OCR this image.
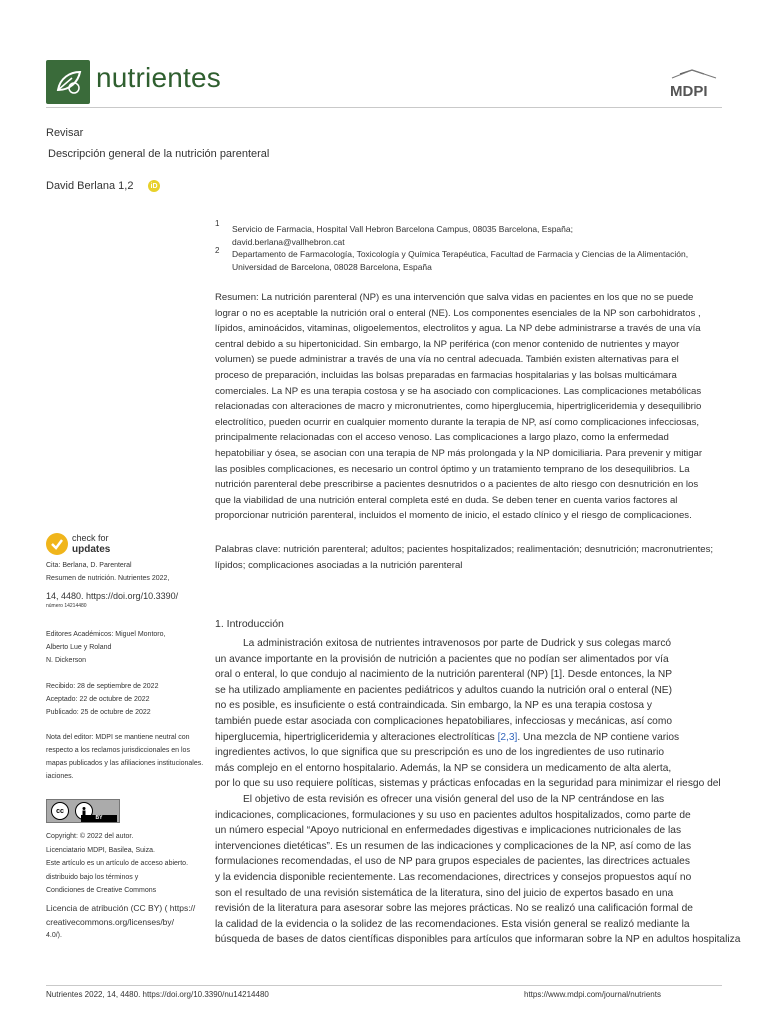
nutrientes	MDPI
Revisar
Descripción general de la nutrición parenteral
David Berlana 1,2	iD
1
Servicio de Farmacia, Hospital Vall Hebron Barcelona Campus, 08035 Barcelona, España;
david.berlana@vallhebron.cat
2 Departamento de Farmacología, Toxicología y Química Terapéutica, Facultad de Farmacia y Ciencias de la Alimentación,
Universidad de Barcelona, 08028 Barcelona, España
Resumen: La nutrición parenteral (NP) es una intervención que salva vidas en pacientes en los que no se puede
lograr o no es aceptable la nutrición oral o enteral (NE). Los componentes esenciales de la NP son carbohidratos ,
lípidos, aminoácidos, vitaminas, oligoelementos, electrolitos y agua. La NP debe administrarse a través de una vía
central debido a su hipertonicidad. Sin embargo, la NP periférica (con menor contenido de nutrientes y mayor
volumen) se puede administrar a través de una vía no central adecuada. También existen alternativas para el
proceso de preparación, incluidas las bolsas preparadas en farmacias hospitalarias y las bolsas multicámara
comerciales. La NP es una terapia costosa y se ha asociado con complicaciones. Las complicaciones metabólicas
relacionadas con alteraciones de macro y micronutrientes, como hiperglucemia, hipertrigliceridemia y desequilibrio
electrolítico, pueden ocurrir en cualquier momento durante la terapia de NP, así como complicaciones infecciosas,
principalmente relacionadas con el acceso venoso. Las complicaciones a largo plazo, como la enfermedad
hepatobiliar y ósea, se asocian con una terapia de NP más prolongada y la NP domiciliaria. Para prevenir y mitigar
las posibles complicaciones, es necesario un control óptimo y un tratamiento temprano de los desequilibrios. La
nutrición parenteral debe prescribirse a pacientes desnutridos o a pacientes de alto riesgo con desnutrición en los
que la viabilidad de una nutrición enteral completa esté en duda. Se deben tener en cuenta varios factores al
proporcionar nutrición parenteral, incluidos el momento de inicio, el estado clínico y el riesgo de complicaciones.
Palabras clave: nutrición parenteral; adultos; pacientes hospitalizados; realimentación; desnutrición; macronutrientes;
lípidos; complicaciones asociadas a la nutrición parenteral
check for
updates
Cita: Berlana, D. Parenteral
Resumen de nutrición. Nutrientes 2022,
14, 4480. https://doi.org/10.3390/
número 14214480
Editores Académicos: Miguel Montoro,
Alberto Lue y Roland
N. Dickerson
Recibido: 28 de septiembre de 2022
Aceptado: 22 de octubre de 2022
Publicado: 25 de octubre de 2022
Nota del editor: MDPI se mantiene neutral con
respecto a los reclamos jurisdiccionales en los
mapas publicados y las afiliaciones institucionales.
iaciones.
cc
BY
Copyright: © 2022 del autor.
Licenciatario MDPI, Basilea, Suiza.
Este artículo es un artículo de acceso abierto.
distribuido bajo los términos y
Condiciones de Creative Commons
Licencia de atribución (CC BY) ( https://
creativecommons.org/licenses/by/
4.0/).
1. Introducción
La administración exitosa de nutrientes intravenosos por parte de Dudrick y sus colegas marcó
un avance importante en la provisión de nutrición a pacientes que no podían ser alimentados por vía
oral o enteral, lo que condujo al nacimiento de la nutrición parenteral (NP) [1]. Desde entonces, la NP
se ha utilizado ampliamente en pacientes pediátricos y adultos cuando la nutrición oral o enteral (NE)
no es posible, es insuficiente o está contraindicada. Sin embargo, la NP es una terapia costosa y
también puede estar asociada con complicaciones hepatobiliares, infecciosas y mecánicas, así como
hiperglucemia, hipertrigliceridemia y alteraciones electrolíticas [2,3]. Una mezcla de NP contiene varios
ingredientes activos, lo que significa que su prescripción es uno de los ingredientes de uso rutinario
más complejo en el entorno hospitalario. Además, la NP se considera un medicamento de alta alerta,
por lo que su uso requiere políticas, sistemas y prácticas enfocadas en la seguridad para minimizar el riesgo del
El objetivo de esta revisión es ofrecer una visión general del uso de la NP centrándose en las
indicaciones, complicaciones, formulaciones y su uso en pacientes adultos hospitalizados, como parte de
un número especial “Apoyo nutricional en enfermedades digestivas e implicaciones nutricionales de las
intervenciones dietéticas”. Es un resumen de las indicaciones y complicaciones de la NP, así como de las
formulaciones recomendadas, el uso de NP para grupos especiales de pacientes, las directrices actuales
y la evidencia disponible recientemente. Las recomendaciones, directrices y consejos propuestos aquí no
son el resultado de una revisión sistemática de la literatura, sino del juicio de expertos basado en una
revisión de la literatura para asesorar sobre las mejores prácticas. No se realizó una calificación formal de
la calidad de la evidencia o la solidez de las recomendaciones. Esta visión general se realizó mediante la
búsqueda de bases de datos científicas disponibles para artículos que informaran sobre la NP en adultos hospitaliza
Nutrientes 2022, 14, 4480. https://doi.org/10.3390/nu14214480	https://www.mdpi.com/journal/nutrients
